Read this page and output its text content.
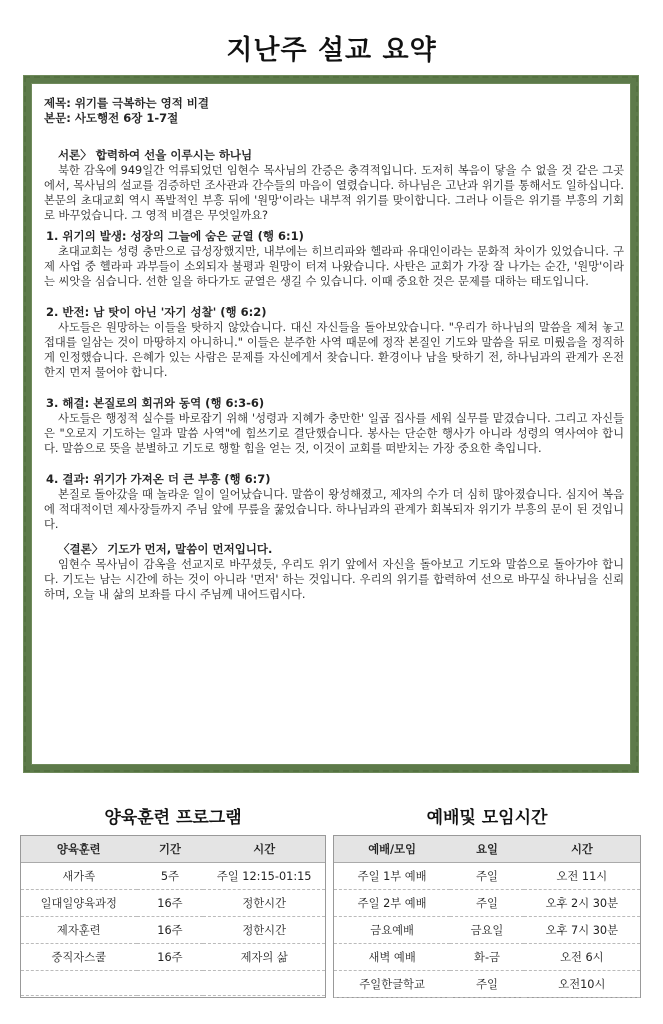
지난주 설교 요약
제목: 위기를 극복하는 영적 비결
본문: 사도행전 6장 1-7절
서론〉 합력하여 선을 이루시는 하나님
북한 감옥에 949일간 억류되었던 임현수 목사님의 간증은 충격적입니다. 도저히 복음이 닿을 수 없을 것 같은 그곳에서, 목사님의 설교를 검증하던 조사관과 간수들의 마음이 열렸습니다. 하나님은 고난과 위기를 통해서도 일하십니다. 본문의 초대교회 역시 폭발적인 부흥 뒤에 '원망'이라는 내부적 위기를 맞이합니다. 그러나 이들은 위기를 부흥의 기회로 바꾸었습니다. 그 영적 비결은 무엇일까요?
1. 위기의 발생: 성장의 그늘에 숨은 균열 (행 6:1)
초대교회는 성령 충만으로 급성장했지만, 내부에는 히브리파와 헬라파 유대인이라는 문화적 차이가 있었습니다. 구제 사업 중 헬라파 과부들이 소외되자 불평과 원망이 터져 나왔습니다. 사탄은 교회가 가장 잘 나가는 순간, '원망'이라는 씨앗을 심습니다. 선한 일을 하다가도 균열은 생길 수 있습니다. 이때 중요한 것은 문제를 대하는 태도입니다.
2. 반전: 남 탓이 아닌 '자기 성찰' (행 6:2)
사도들은 원망하는 이들을 탓하지 않았습니다. 대신 자신들을 돌아보았습니다. "우리가 하나님의 말씀을 제쳐 놓고 접대를 일삼는 것이 마땅하지 아니하니." 이들은 분주한 사역 때문에 정작 본질인 기도와 말씀을 뒤로 미뤘음을 정직하게 인정했습니다. 은혜가 있는 사람은 문제를 자신에게서 찾습니다. 환경이나 남을 탓하기 전, 하나님과의 관계가 온전한지 먼저 물어야 합니다.
3. 해결: 본질로의 회귀와 동역 (행 6:3-6)
사도들은 행정적 실수를 바로잡기 위해 '성령과 지혜가 충만한' 일곱 집사를 세워 실무를 맡겼습니다. 그리고 자신들은 "오로지 기도하는 일과 말씀 사역"에 힘쓰기로 결단했습니다. 봉사는 단순한 행사가 아니라 성령의 역사여야 합니다. 말씀으로 뜻을 분별하고 기도로 행할 힘을 얻는 것, 이것이 교회를 떠받치는 가장 중요한 축입니다.
4. 결과: 위기가 가져온 더 큰 부흥 (행 6:7)
본질로 돌아갔을 때 놀라운 일이 일어났습니다. 말씀이 왕성해졌고, 제자의 수가 더 심히 많아졌습니다. 심지어 복음에 적대적이던 제사장들까지 주님 앞에 무릎을 꿇었습니다. 하나님과의 관계가 회복되자 위기가 부흥의 문이 된 것입니다.
〈결론〉 기도가 먼저, 말씀이 먼저입니다.
임현수 목사님이 감옥을 선교지로 바꾸셨듯, 우리도 위기 앞에서 자신을 돌아보고 기도와 말씀으로 돌아가야 합니다. 기도는 남는 시간에 하는 것이 아니라 '먼저' 하는 것입니다. 우리의 위기를 합력하여 선으로 바꾸실 하나님을 신뢰하며, 오늘 내 삶의 보좌를 다시 주님께 내어드립시다.
양육훈련 프로그램	예배및 모임시간
양육훈련	기간	시간
새가족	5주	주일 12:15-01:15
일대일양육과정	16주	정한시간
제자훈련	16주	정한시간
중직자스쿨	16주	제자의 삶

예배/모임	요일	시간
주일 1부 예배	주일	오전 11시
주일 2부 예배	주일	오후 2시 30분
금요예배	금요일	오후 7시 30분
새벽 예배	화-금	오전 6시
주일한글학교	주일	오전10시
